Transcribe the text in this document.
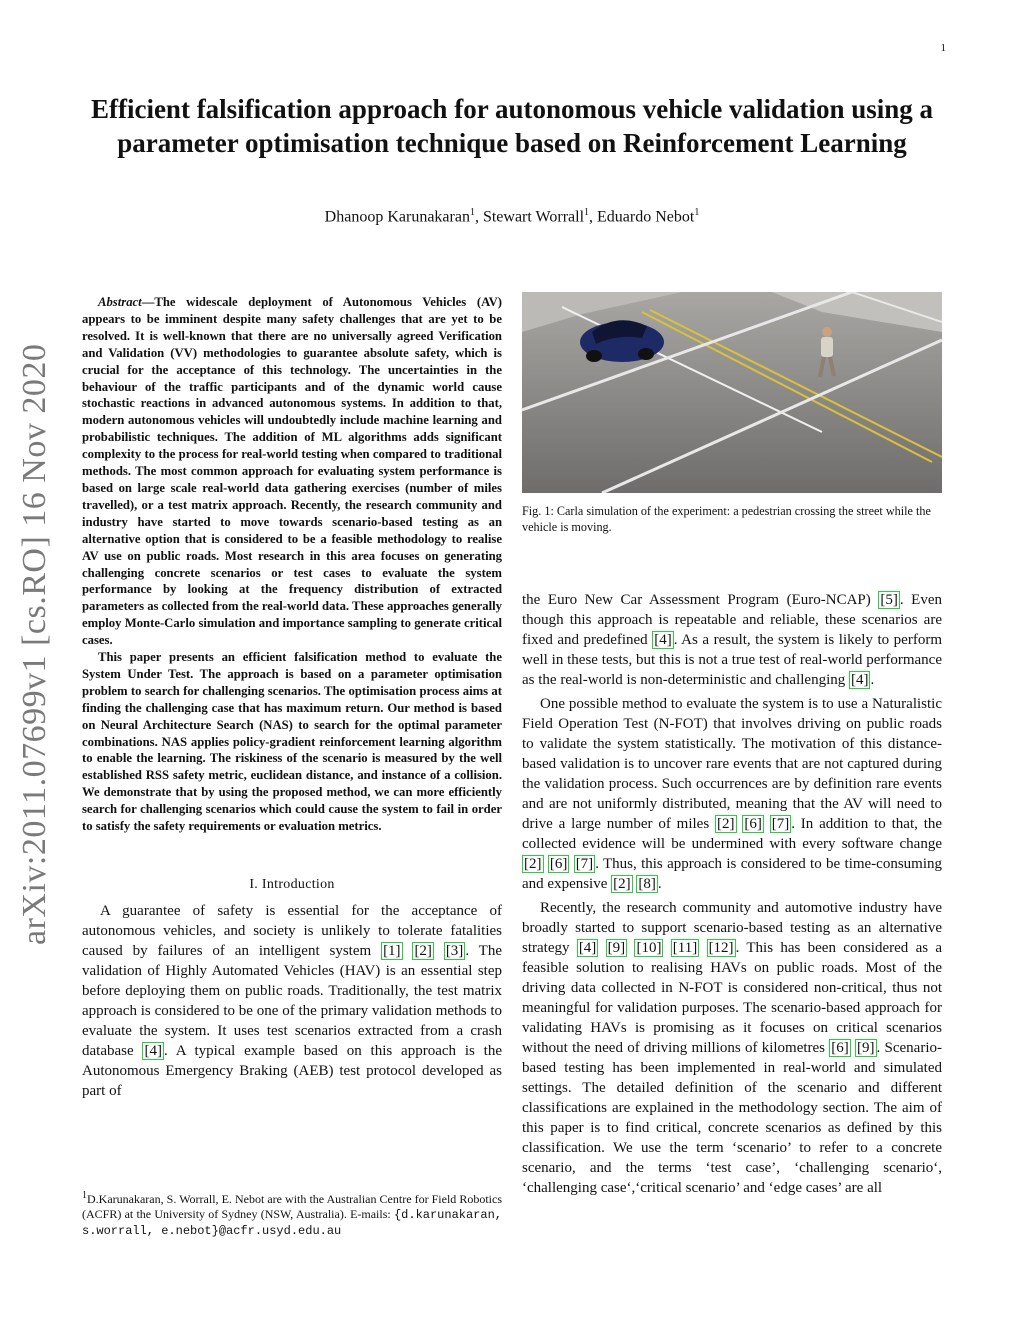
1
arXiv:2011.07699v1 [cs.RO] 16 Nov 2020
Efficient falsification approach for autonomous vehicle validation using a parameter optimisation technique based on Reinforcement Learning
Dhanoop Karunakaran$^1$, Stewart Worrall$^1$, Eduardo Nebot$^1$

Abstract—The widescale deployment of Autonomous Vehicles (AV) appears to be imminent despite many safety challenges that are yet to be resolved. It is well-known that there are no universally agreed Verification and Validation (VV) methodologies to guarantee absolute safety, which is crucial for the acceptance of this technology. The uncertainties in the behaviour of the traffic participants and of the dynamic world cause stochastic reactions in advanced autonomous systems. In addition to that, modern autonomous vehicles will undoubtedly include machine learning and probabilistic techniques. The addition of ML algorithms adds significant complexity to the process for real-world testing when compared to traditional methods. The most common approach for evaluating system performance is based on large scale real-world data gathering exercises (number of miles travelled), or a test matrix approach. Recently, the research community and industry have started to move towards scenario-based testing as an alternative option that is considered to be a feasible methodology to realise AV use on public roads. Most research in this area focuses on generating challenging concrete scenarios or test cases to evaluate the system performance by looking at the frequency distribution of extracted parameters as collected from the real-world data. These approaches generally employ Monte-Carlo simulation and importance sampling to generate critical cases.

This paper presents an efficient falsification method to evaluate the System Under Test. The approach is based on a parameter optimisation problem to search for challenging scenarios. The optimisation process aims at finding the challenging case that has maximum return. Our method is based on Neural Architecture Search (NAS) to search for the optimal parameter combinations. NAS applies policy-gradient reinforcement learning algorithm to enable the learning. The riskiness of the scenario is measured by the well established RSS safety metric, euclidean distance, and instance of a collision. We demonstrate that by using the proposed method, we can more efficiently search for challenging scenarios which could cause the system to fail in order to satisfy the safety requirements or evaluation metrics.

I. Introduction

A guarantee of safety is essential for the acceptance of autonomous vehicles, and society is unlikely to tolerate fatalities caused by failures of an intelligent system [1] [2] [3] . The validation of Highly Automated Vehicles (HAV) is an essential step before deploying them on public roads. Traditionally, the test matrix approach is considered to be one of the primary validation methods to evaluate the system. It uses test scenarios extracted from a crash database [4] . A typical example based on this approach is the Autonomous Emergency Braking (AEB) test protocol developed as part of

$^1$D.Karunakaran, S. Worrall, E. Nebot are with the Australian Centre for Field Robotics (ACFR) at the University of Sydney (NSW, Australia). E-mails: {d.karunakaran, s.worrall, e.nebot}@acfr.usyd.edu.au

Fig. 1: Carla simulation of the experiment: a pedestrian crossing the street while the vehicle is moving.

the Euro New Car Assessment Program (Euro-NCAP) [5] . Even though this approach is repeatable and reliable, these scenarios are fixed and predefined [4] . As a result, the system is likely to perform well in these tests, but this is not a true test of real-world performance as the real-world is non-deterministic and challenging [4] .

One possible method to evaluate the system is to use a Naturalistic Field Operation Test (N-FOT) that involves driving on public roads to validate the system statistically. The motivation of this distance-based validation is to uncover rare events that are not captured during the validation process. Such occurrences are by definition rare events and are not uniformly distributed, meaning that the AV will need to drive a large number of miles [2] [6] [7] . In addition to that, the collected evidence will be undermined with every software change [2] [6] [7] . Thus, this approach is considered to be time-consuming and expensive [2] [8] .

Recently, the research community and automotive industry have broadly started to support scenario-based testing as an alternative strategy [4] [9] [10] [11] [12] . This has been considered as a feasible solution to realising HAVs on public roads. Most of the driving data collected in N-FOT is considered non-critical, thus not meaningful for validation purposes. The scenario-based approach for validating HAVs is promising as it focuses on critical scenarios without the need of driving millions of kilometres [6] [9] . Scenario-based testing has been implemented in real-world and simulated settings. The detailed definition of the scenario and different classifications are explained in the methodology section. The aim of this paper is to find critical, concrete scenarios as defined by this classification. We use the term ‘scenario’ to refer to a concrete scenario, and the terms ‘test case’, ‘challenging scenario‘, ‘challenging case‘,‘critical scenario’ and ‘edge cases’ are all
